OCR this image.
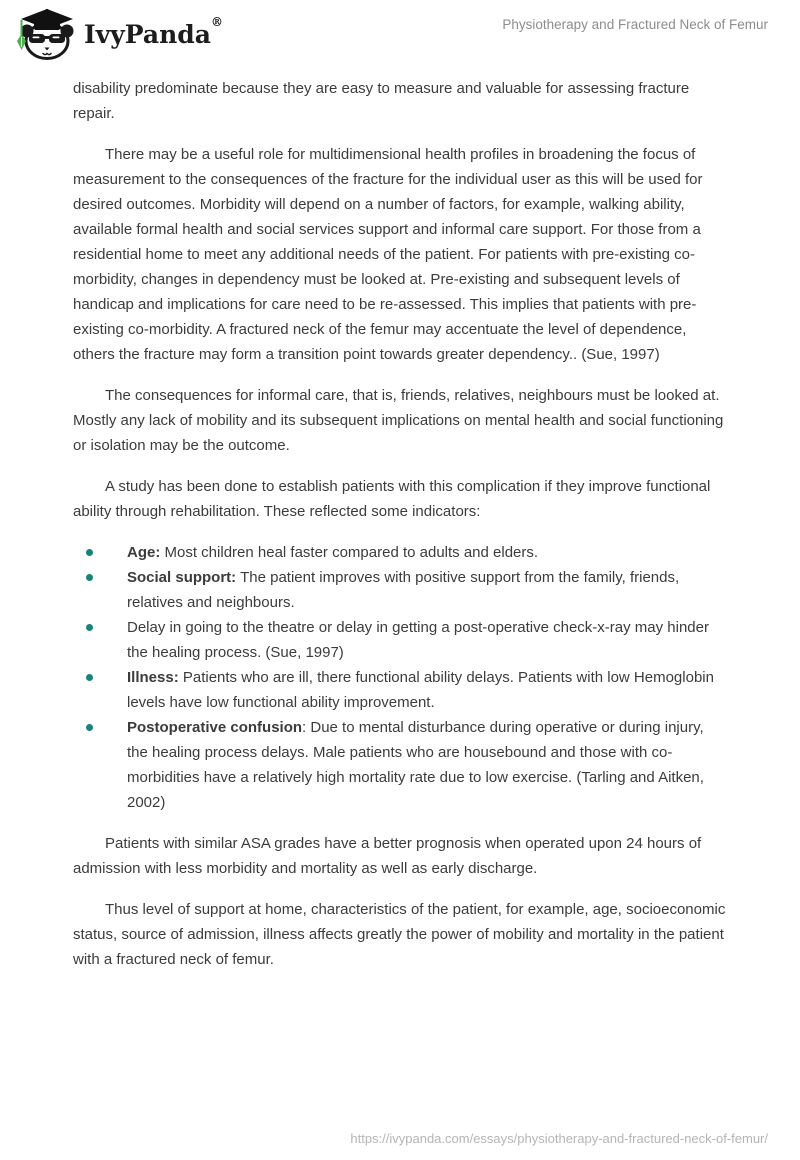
IvyPanda®	Physiotherapy and Fractured Neck of Femur

disability predominate because they are easy to measure and valuable for assessing fracture repair.

There may be a useful role for multidimensional health profiles in broadening the focus of measurement to the consequences of the fracture for the individual user as this will be used for desired outcomes. Morbidity will depend on a number of factors, for example, walking ability, available formal health and social services support and informal care support. For those from a residential home to meet any additional needs of the patient. For patients with pre-existing co-morbidity, changes in dependency must be looked at. Pre-existing and subsequent levels of handicap and implications for care need to be re-assessed. This implies that patients with pre-existing co-morbidity. A fractured neck of the femur may accentuate the level of dependence, others the fracture may form a transition point towards greater dependency.. (Sue, 1997)

The consequences for informal care, that is, friends, relatives, neighbours must be looked at. Mostly any lack of mobility and its subsequent implications on mental health and social functioning or isolation may be the outcome.

A study has been done to establish patients with this complication if they improve functional ability through rehabilitation. These reflected some indicators:

Age: Most children heal faster compared to adults and elders.
Social support: The patient improves with positive support from the family, friends, relatives and neighbours.
Delay in going to the theatre or delay in getting a post-operative check-x-ray may hinder the healing process. (Sue, 1997)
Illness: Patients who are ill, there functional ability delays. Patients with low Hemoglobin levels have low functional ability improvement.
Postoperative confusion: Due to mental disturbance during operative or during injury, the healing process delays. Male patients who are housebound and those with co-morbidities have a relatively high mortality rate due to low exercise. (Tarling and Aitken, 2002)

Patients with similar ASA grades have a better prognosis when operated upon 24 hours of admission with less morbidity and mortality as well as early discharge.

Thus level of support at home, characteristics of the patient, for example, age, socioeconomic status, source of admission, illness affects greatly the power of mobility and mortality in the patient with a fractured neck of femur.

https://ivypanda.com/essays/physiotherapy-and-fractured-neck-of-femur/
